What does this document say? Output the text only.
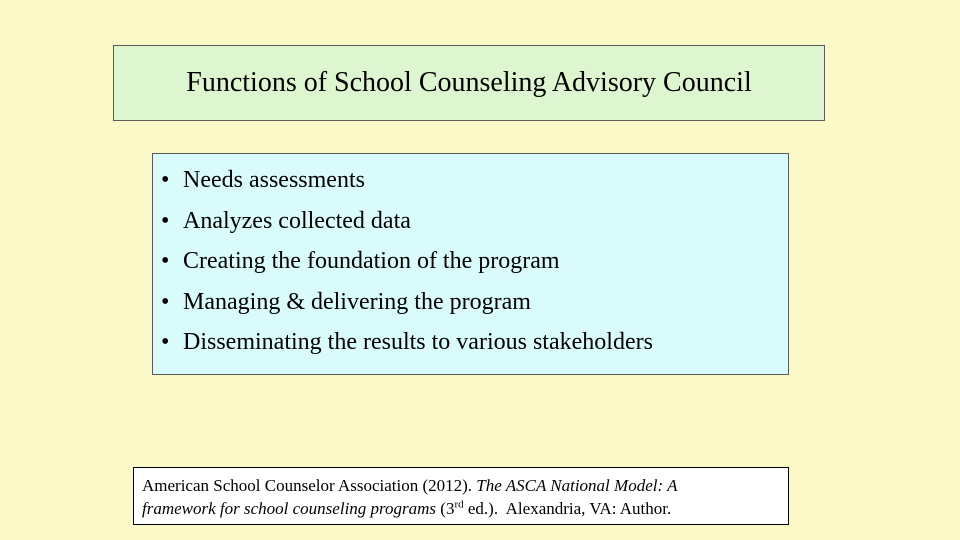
Functions of School Counseling Advisory Council
• Needs assessments
• Analyzes collected data
• Creating the foundation of the program
• Managing & delivering the program
• Disseminating the results to various stakeholders
American School Counselor Association (2012). The ASCA National Model: A
framework for school counseling programs (3rd ed.). Alexandria, VA: Author.
